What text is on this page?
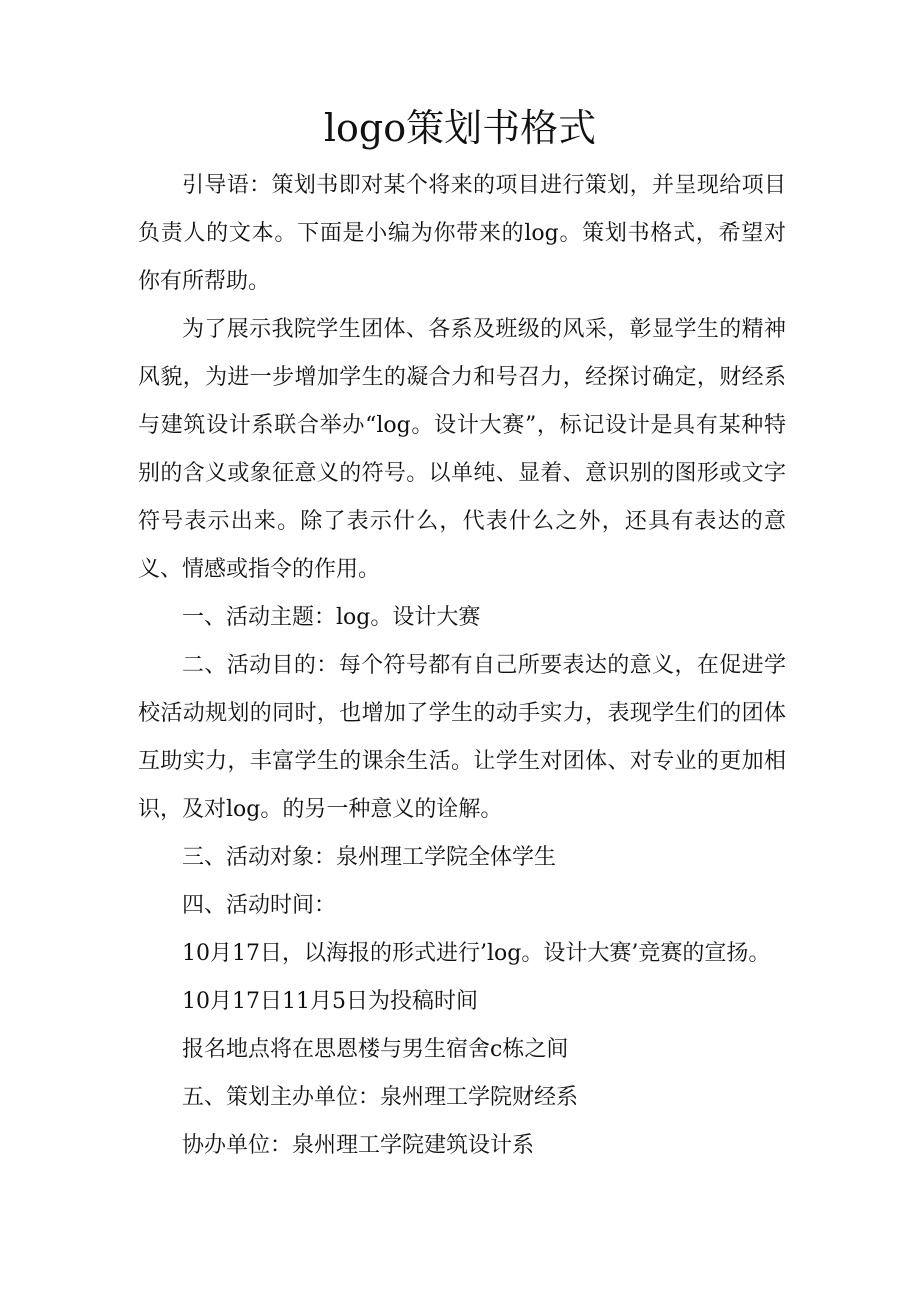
logo策划书格式

引导语：策划书即对某个将来的项目进行策划，并呈现给项目负责人的文本。下面是小编为你带来的log。策划书格式，希望对你有所帮助。

为了展示我院学生团体、各系及班级的风采，彰显学生的精神风貌，为进一步增加学生的凝合力和号召力，经探讨确定，财经系与建筑设计系联合举办“log。设计大赛”，标记设计是具有某种特别的含义或象征意义的符号。以单纯、显着、意识别的图形或文字符号表示出来。除了表示什么，代表什么之外，还具有表达的意义、情感或指令的作用。

一、活动主题：log。设计大赛

二、活动目的：每个符号都有自己所要表达的意义，在促进学校活动规划的同时，也增加了学生的动手实力，表现学生们的团体互助实力，丰富学生的课余生活。让学生对团体、对专业的更加相识，及对log。的另一种意义的诠解。

三、活动对象：泉州理工学院全体学生

四、活动时间：

10月17日，以海报的形式进行’log。设计大赛’竞赛的宣扬。

10月17日11月5日为投稿时间

报名地点将在思恩楼与男生宿舍c栋之间

五、策划主办单位：泉州理工学院财经系

协办单位：泉州理工学院建筑设计系
